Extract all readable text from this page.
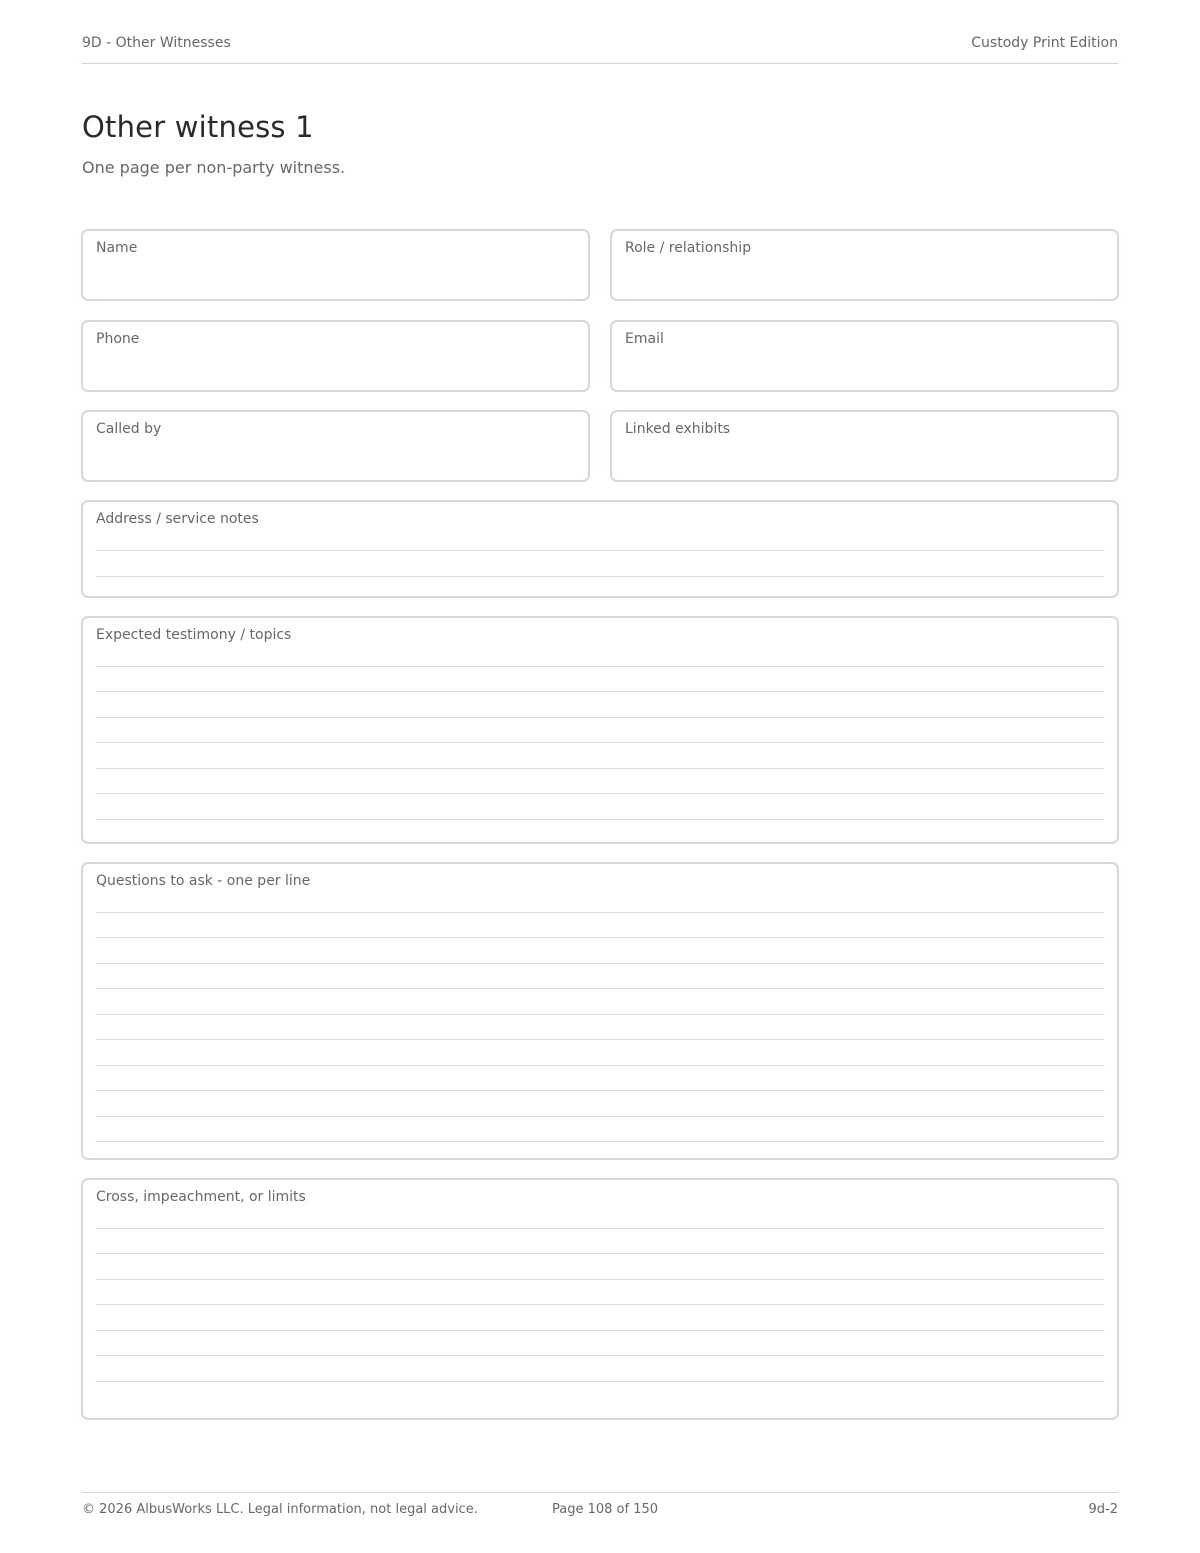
9D - Other Witnesses	Custody Print Edition
Other witness 1

One page per non-party witness.

Name	Role / relationship
Phone	Email
Called by	Linked exhibits
Address / service notes
Expected testimony / topics
Questions to ask - one per line
Cross, impeachment, or limits
© 2026 AlbusWorks LLC. Legal information, not legal advice.	Page 108 of 150	9d-2
